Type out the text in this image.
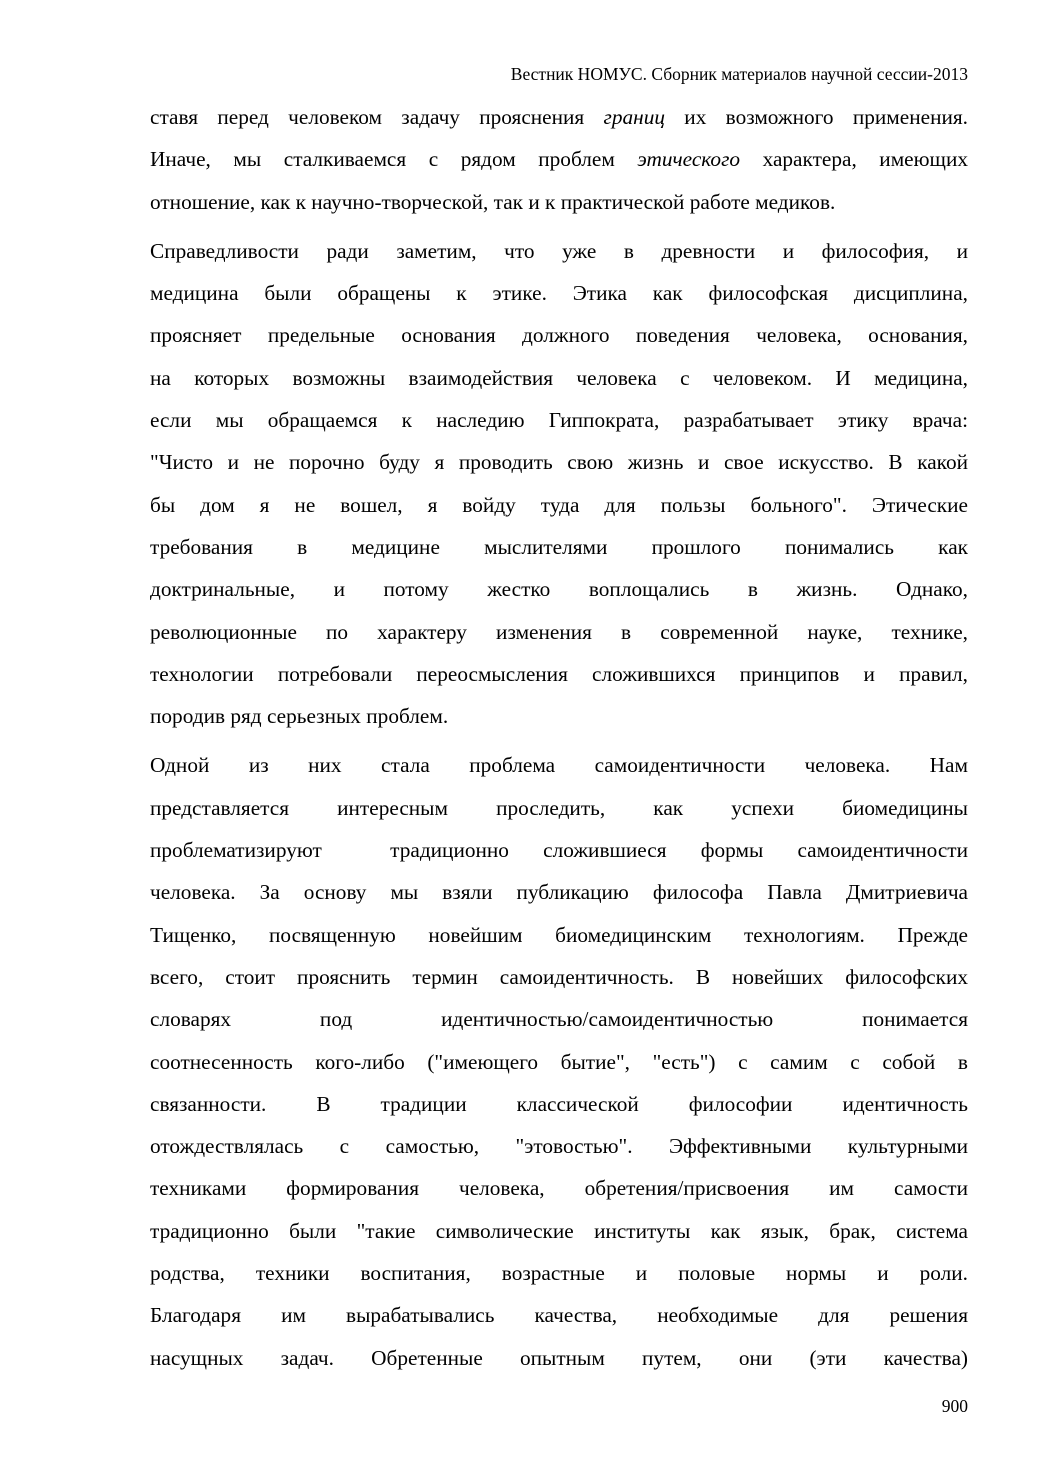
Вестник НОМУС. Сборник материалов научной сессии-2013
ставя перед человеком задачу прояснения границ их возможного применения.
Иначе, мы сталкиваемся с рядом проблем этического характера, имеющих
отношение, как к научно-творческой, так и к практической работе медиков.
Справедливости ради заметим, что уже в древности и философия, и
медицина были обращены к этике. Этика как философская дисциплина,
проясняет предельные основания должного поведения человека, основания,
на которых возможны взаимодействия человека с человеком. И медицина,
если мы обращаемся к наследию Гиппократа, разрабатывает этику врача:
"Чисто и не порочно буду я проводить свою жизнь и свое искусство. В какой
бы дом я не вошел, я войду туда для пользы больного". Этические
требования в медицине мыслителями прошлого понимались как
доктринальные, и потому жестко воплощались в жизнь. Однако,
революционные по характеру изменения в современной науке, технике,
технологии потребовали переосмысления сложившихся принципов и правил,
породив ряд серьезных проблем.
Одной из них стала проблема самоидентичности человека. Нам
представляется интересным проследить, как успехи биомедицины
проблематизируют  традиционно сложившиеся формы самоидентичности
человека. За основу мы взяли публикацию философа Павла Дмитриевича
Тищенко, посвященную новейшим биомедицинским технологиям. Прежде
всего, стоит прояснить термин самоидентичность. В новейших философских
словарях под идентичностью/самоидентичностью понимается
соотнесенность кого-либо ("имеющего бытие", "есть") с самим с собой в
связанности. В традиции классической философии идентичность
отождествлялась с самостью, "этовостью". Эффективными культурными
техниками формирования человека, обретения/присвоения им самости
традиционно были "такие символические институты как язык, брак, система
родства, техники воспитания, возрастные и половые нормы и роли.
Благодаря им вырабатывались качества, необходимые для решения
насущных задач. Обретенные опытным путем, они (эти качества)
900
